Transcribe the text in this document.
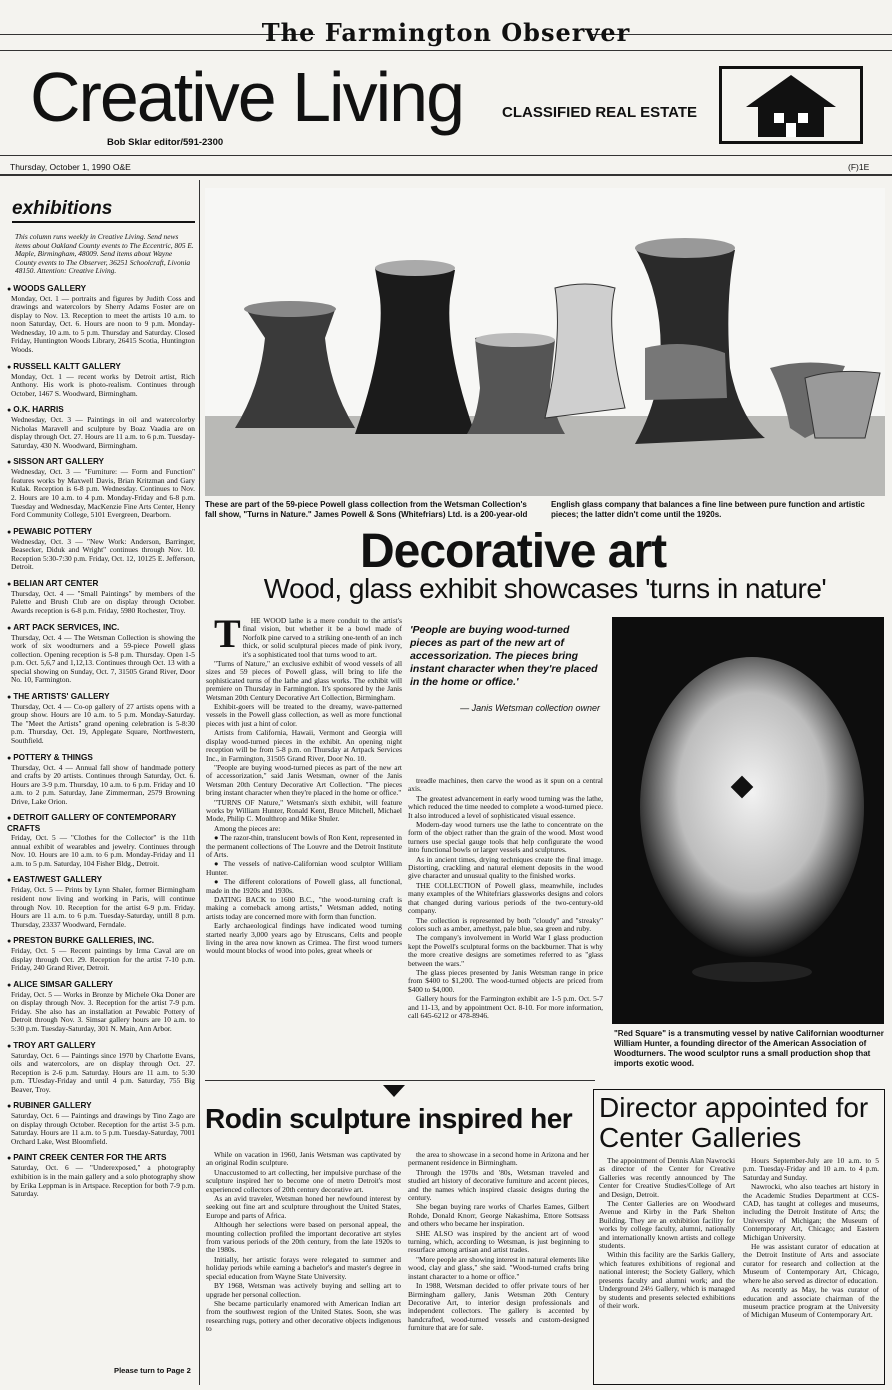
The Farmington Observer
Creative Living	CLASSIFIED REAL ESTATE
Bob Sklar editor/591-2300
Thursday, October 1, 1990 O&E	(F)1E
exhibitions
This column runs weekly in Creative Living. Send news items about Oakland County events to The Eccentric, 805 E. Maple, Birmingham, 48009. Send items about Wayne County events to The Observer, 36251 Schoolcraft, Livonia 48150. Attention: Creative Living.
● WOODS GALLERY
Monday, Oct. 1 — portraits and figures by Judith Coss and drawings and watercolors by Sherry Adams Foster are on display to Nov. 13. Reception to meet the artists 10 a.m. to noon Saturday, Oct. 6. Hours are noon to 9 p.m. Monday-Wednesday, 10 a.m. to 5 p.m. Thursday and Saturday. Closed Friday, Huntington Woods Library, 26415 Scotia, Huntington Woods.
● RUSSELL KALTT GALLERY
Monday, Oct. 1 — recent works by Detroit artist, Rich Anthony. His work is photo-realism. Continues through October, 1467 S. Woodward, Birmingham.
● O.K. HARRIS
Wednesday, Oct. 3 — Paintings in oil and watercolorby Nicholas Maravell and sculpture by Boaz Vaadia are on display through Oct. 27. Hours are 11 a.m. to 6 p.m. Tuesday-Saturday, 430 N. Woodward, Birmingham.
● SISSON ART GALLERY
Wednesday, Oct. 3 — "Furniture: — Form and Function" features works by Maxwell Davis, Brian Kritzman and Gary Kulak. Reception is 6-8 p.m. Wednesday. Continues to Nov. 2. Hours are 10 a.m. to 4 p.m. Monday-Friday and 6-8 p.m. Tuesday and Wednesday, MacKenzie Fine Arts Center, Henry Ford Community College, 5101 Evergreen, Dearborn.
● PEWABIC POTTERY
Wednesday, Oct. 3 — "New Work: Anderson, Barringer, Beasecker, Diduk and Wright" continues through Nov. 10. Reception 5:30-7:30 p.m. Friday, Oct. 12, 10125 E. Jefferson, Detroit.
● BELIAN ART CENTER
Thursday, Oct. 4 — "Small Paintings" by members of the Palette and Brush Club are on display through October. Awards reception is 6-8 p.m. Friday, 5980 Rochester, Troy.
● ART PACK SERVICES, INC.
Thursday, Oct. 4 — The Wetsman Collection is showing the work of six woodturners and a 59-piece Powell glass collection. Opening reception is 5-8 p.m. Thursday. Open 1-5 p.m. Oct. 5,6,7 and 1,12,13. Continues through Oct. 13 with a special showing on Sunday, Oct. 7, 31505 Grand River, Door No. 10, Farmington.
● THE ARTISTS' GALLERY
Thursday, Oct. 4 — Co-op gallery of 27 artists opens with a group show. Hours are 10 a.m. to 5 p.m. Monday-Saturday. The "Meet the Artists" grand opening celebration is 5-8:30 p.m. Thursday, Oct. 19, Applegate Square, Northwestern, Southfield.
● POTTERY & THINGS
Thursday, Oct. 4 — Annual fall show of handmade pottery and crafts by 20 artists. Continues through Saturday, Oct. 6. Hours are 3-9 p.m. Thursday, 10 a.m. to 6 p.m. Friday and 10 a.m. to 2 p.m. Saturday, Jane Zimmerman, 2579 Browning Drive, Lake Orion.
● DETROIT GALLERY OF CONTEMPORARY CRAFTS
Friday, Oct. 5 — "Clothes for the Collector" is the 11th annual exhibit of wearables and jewelry. Continues through Nov. 10. Hours are 10 a.m. to 6 p.m. Monday-Friday and 11 a.m. to 5 p.m. Saturday, 104 Fisher Bldg., Detroit.
● EAST/WEST GALLERY
Friday, Oct. 5 — Prints by Lynn Shaler, former Birmingham resident now living and working in Paris, will continue through Nov. 10. Reception for the artist 6-9 p.m. Friday. Hours are 11 a.m. to 6 p.m. Tuesday-Saturday, untill 8 p.m. Thursday, 23337 Woodward, Ferndale.
● PRESTON BURKE GALLERIES, INC.
Friday, Oct. 5 — Recent paintings by Irma Caval are on display through Oct. 29. Reception for the artist 7-10 p.m. Friday, 240 Grand River, Detroit.
● ALICE SIMSAR GALLERY
Friday, Oct. 5 — Works in Bronze by Michele Oka Doner are on display through Nov. 3. Reception for the artist 7-9 p.m. Friday. She also has an installation at Pewabic Pottery of Detroit through Nov. 3. Simsar gallery hours are 10 a.m. to 5:30 p.m. Tuesday-Saturday, 301 N. Main, Ann Arbor.
● TROY ART GALLERY
Saturday, Oct. 6 — Paintings since 1970 by Charlotte Evans, oils and watercolors, are on display through Oct. 27. Reception is 2-6 p.m. Saturday. Hours are 11 a.m. to 5:30 p.m. TUesday-Friday and until 4 p.m. Saturday, 755 Big Beaver, Troy.
● RUBINER GALLERY
Saturday, Oct. 6 — Paintings and drawings by Tino Zago are on display through October. Reception for the artist 3-5 p.m. Saturday. Hours are 11 a.m. to 5 p.m. Tuesday-Saturday, 7001 Orchard Lake, West Bloomfield.
● PAINT CREEK CENTER FOR THE ARTS
Saturday, Oct. 6 — "Underexposed," a photography exhibition is in the main gallery and a solo photography show by Erika Leppman is in Artspace. Reception for both 7-9 p.m. Saturday.
Please turn to Page 2
These are part of the 59-piece Powell glass collection from the Wetsman Collection's fall show, "Turns in Nature." James Powell & Sons (Whitefriars) Ltd. is a 200-year-old English glass company that balances a fine line between pure function and artistic pieces; the latter didn't come until the 1920s.
Decorative art
Wood, glass exhibit showcases 'turns in nature'

THE WOOD lathe is a mere conduit to the artist's final vision, but whether it be a bowl made of Norfolk pine carved to a striking one-tenth of an inch thick, or solid sculptural pieces made of pink ivory, it's a sophisticated tool that turns wood to art.

"Turns of Nature," an exclusive exhibit of wood vessels of all sizes and 59 pieces of Powell glass, will bring to life the sophisticated turns of the lathe and glass works. The exhibit will premiere on Thursday in Farmington. It's sponsored by the Janis Wetsman 20th Century Decorative Art Collection, Birmingham.

Exhibit-goers will be treated to the dreamy, wave-patterned vessels in the Powell glass collection, as well as more functional pieces with just a hint of color.

Artists from California, Hawaii, Vermont and Georgia will display wood-turned pieces in the exhibit. An opening night reception will be from 5-8 p.m. on Thursday at Artpack Services Inc., in Farmington, 31505 Grand River, Door No. 10.

"People are buying wood-turned pieces as part of the new art of accessorization," said Janis Wetsman, owner of the Janis Wetsman 20th Century Decorative Art Collection. "The pieces bring instant character when they're placed in the home or office."

"TURNS OF Nature," Wetsman's sixth exhibit, will feature works by William Hunter, Ronald Kent, Bruce Mitchell, Michael Mode, Philip C. Moulthrop and Mike Shuler.

Among the pieces are:

● The razor-thin, translucent bowls of Ron Kent, represented in the permanent collections of The Louvre and the Detroit Institute of Arts.

● The vessels of native-Californian wood sculptor William Hunter.

● The different colorations of Powell glass, all functional, made in the 1920s and 1930s.

DATING BACK to 1600 B.C., "the wood-turning craft is making a comeback among artists," Wetsman added, noting artists today are concerned more with form than function.

Early archaeological findings have indicated wood turning started nearly 3,000 years ago by Etruscans, Celts and people living in the area now known as Crimea. The first wood turners would mount blocks of wood into poles, great wheels or

'People are buying wood-turned pieces as part of the new art of accessorization. The pieces bring instant character when they're placed in the home or office.'
— Janis Wetsman collection owner

treadle machines, then carve the wood as it spun on a central axis.

The greatest advancement in early wood turning was the lathe, which reduced the time needed to complete a wood-turned piece. It also introduced a level of sophisticated visual essence.

Modern-day wood turners use the lathe to concentrate on the form of the object rather than the grain of the wood. Most wood turners use special gauge tools that help configurate the wood into functional bowls or larger vessels and sculptures.

As in ancient times, drying techniques create the final image. Distorting, crackling and natural element deposits in the wood give character and unusual quality to the finished works.

THE COLLECTION of Powell glass, meanwhile, includes many examples of the Whitefriars glassworks designs and colors that changed during various periods of the two-century-old company.

The collection is represented by both "cloudy" and "streaky" colors such as amber, amethyst, pale blue, sea green and ruby.

The company's involvement in World War I glass production kept the Powell's sculptural forms on the backburner. That is why the more creative designs are sometimes referred to as "glass between the wars."

The glass pieces presented by Janis Wetsman range in price from $400 to $1,200. The wood-turned objects are priced from $400 to $4,000.

Gallery hours for the Farmington exhibit are 1-5 p.m. Oct. 5-7 and 11-13, and by appointment Oct. 8-10. For more information, call 645-6212 or 478-8946.

"Red Square" is a transmuting vessel by native Californian woodturner William Hunter, a founding director of the American Association of Woodturners. The wood sculptor runs a small production shop that imports exotic wood.
Rodin sculpture inspired her

While on vacation in 1960, Janis Wetsman was captivated by an original Rodin sculpture.

Unaccustomed to art collecting, her impulsive purchase of the sculpture inspired her to become one of metro Detroit's most experienced collectors of 20th century decorative art.

As an avid traveler, Wetsman honed her newfound interest by seeking out fine art and sculpture throughout the United States, Europe and parts of Africa.

Although her selections were based on personal appeal, the mounting collection profiled the important decorative art styles from various periods of the 20th century, from the late 1920s to the 1980s.

Initially, her artistic forays were relegated to summer and holiday periods while earning a bachelor's and master's degree in special education from Wayne State University.

BY 1968, Wetsman was actively buying and selling art to upgrade her personal collection.

She became particularly enamored with American Indian art from the southwest region of the United States. Soon, she was researching rugs, pottery and other decorative objects indigenous to

the area to showcase in a second home in Arizona and her permanent residence in Birmingham.

Through the 1970s and '80s, Wetsman traveled and studied art history of decorative furniture and accent pieces, and the names which inspired classic designs during the century.

She began buying rare works of Charles Eames, Gilbert Rohde, Donald Knorr, George Nakashima, Ettore Sottsass and others who became her inspiration.

SHE ALSO was inspired by the ancient art of wood turning, which, according to Wetsman, is just beginning to resurface among artisan and artist trades.

"More people are showing interest in natural elements like wood, clay and glass," she said. "Wood-turned crafts bring instant character to a home or office."

In 1988, Wetsman decided to offer private tours of her Birmingham gallery, Janis Wetsman 20th Century Decorative Art, to interior design professionals and independent collectors. The gallery is accented by handcrafted, wood-turned vessels and custom-designed furniture that are for sale.

Director appointed for Center Galleries

The appointment of Dennis Alan Nawrocki as director of the Center for Creative Galleries was recently announced by The Center for Creative Studies/College of Art and Design, Detroit.

The Center Galleries are on Woodward Avenue and Kirby in the Park Shelton Building. They are an exhibition facility for works by college faculty, alumni, nationally and internationally known artists and college students.

Within this facility are the Sarkis Gallery, which features exhibitions of regional and national interest; the Society Gallery, which presents faculty and alumni work; and the Underground 24½ Gallery, which is managed by students and presents selected exhibitions of their work.

Hours September-July are 10 a.m. to 5 p.m. Tuesday-Friday and 10 a.m. to 4 p.m. Saturday and Sunday.

Nawrocki, who also teaches art history in the Academic Studies Department at CCS-CAD, has taught at colleges and museums, including the Detroit Institute of Arts; the University of Michigan; the Museum of Contemporary Art, Chicago; and Eastern Michigan University.

He was assistant curator of education at the Detroit Institute of Arts and associate curator for research and collection at the Museum of Contemporary Art, Chicago, where he also served as director of education.

As recently as May, he was curator of education and associate chairman of the museum practice program at the University of Michigan Museum of Contemporary Art.
